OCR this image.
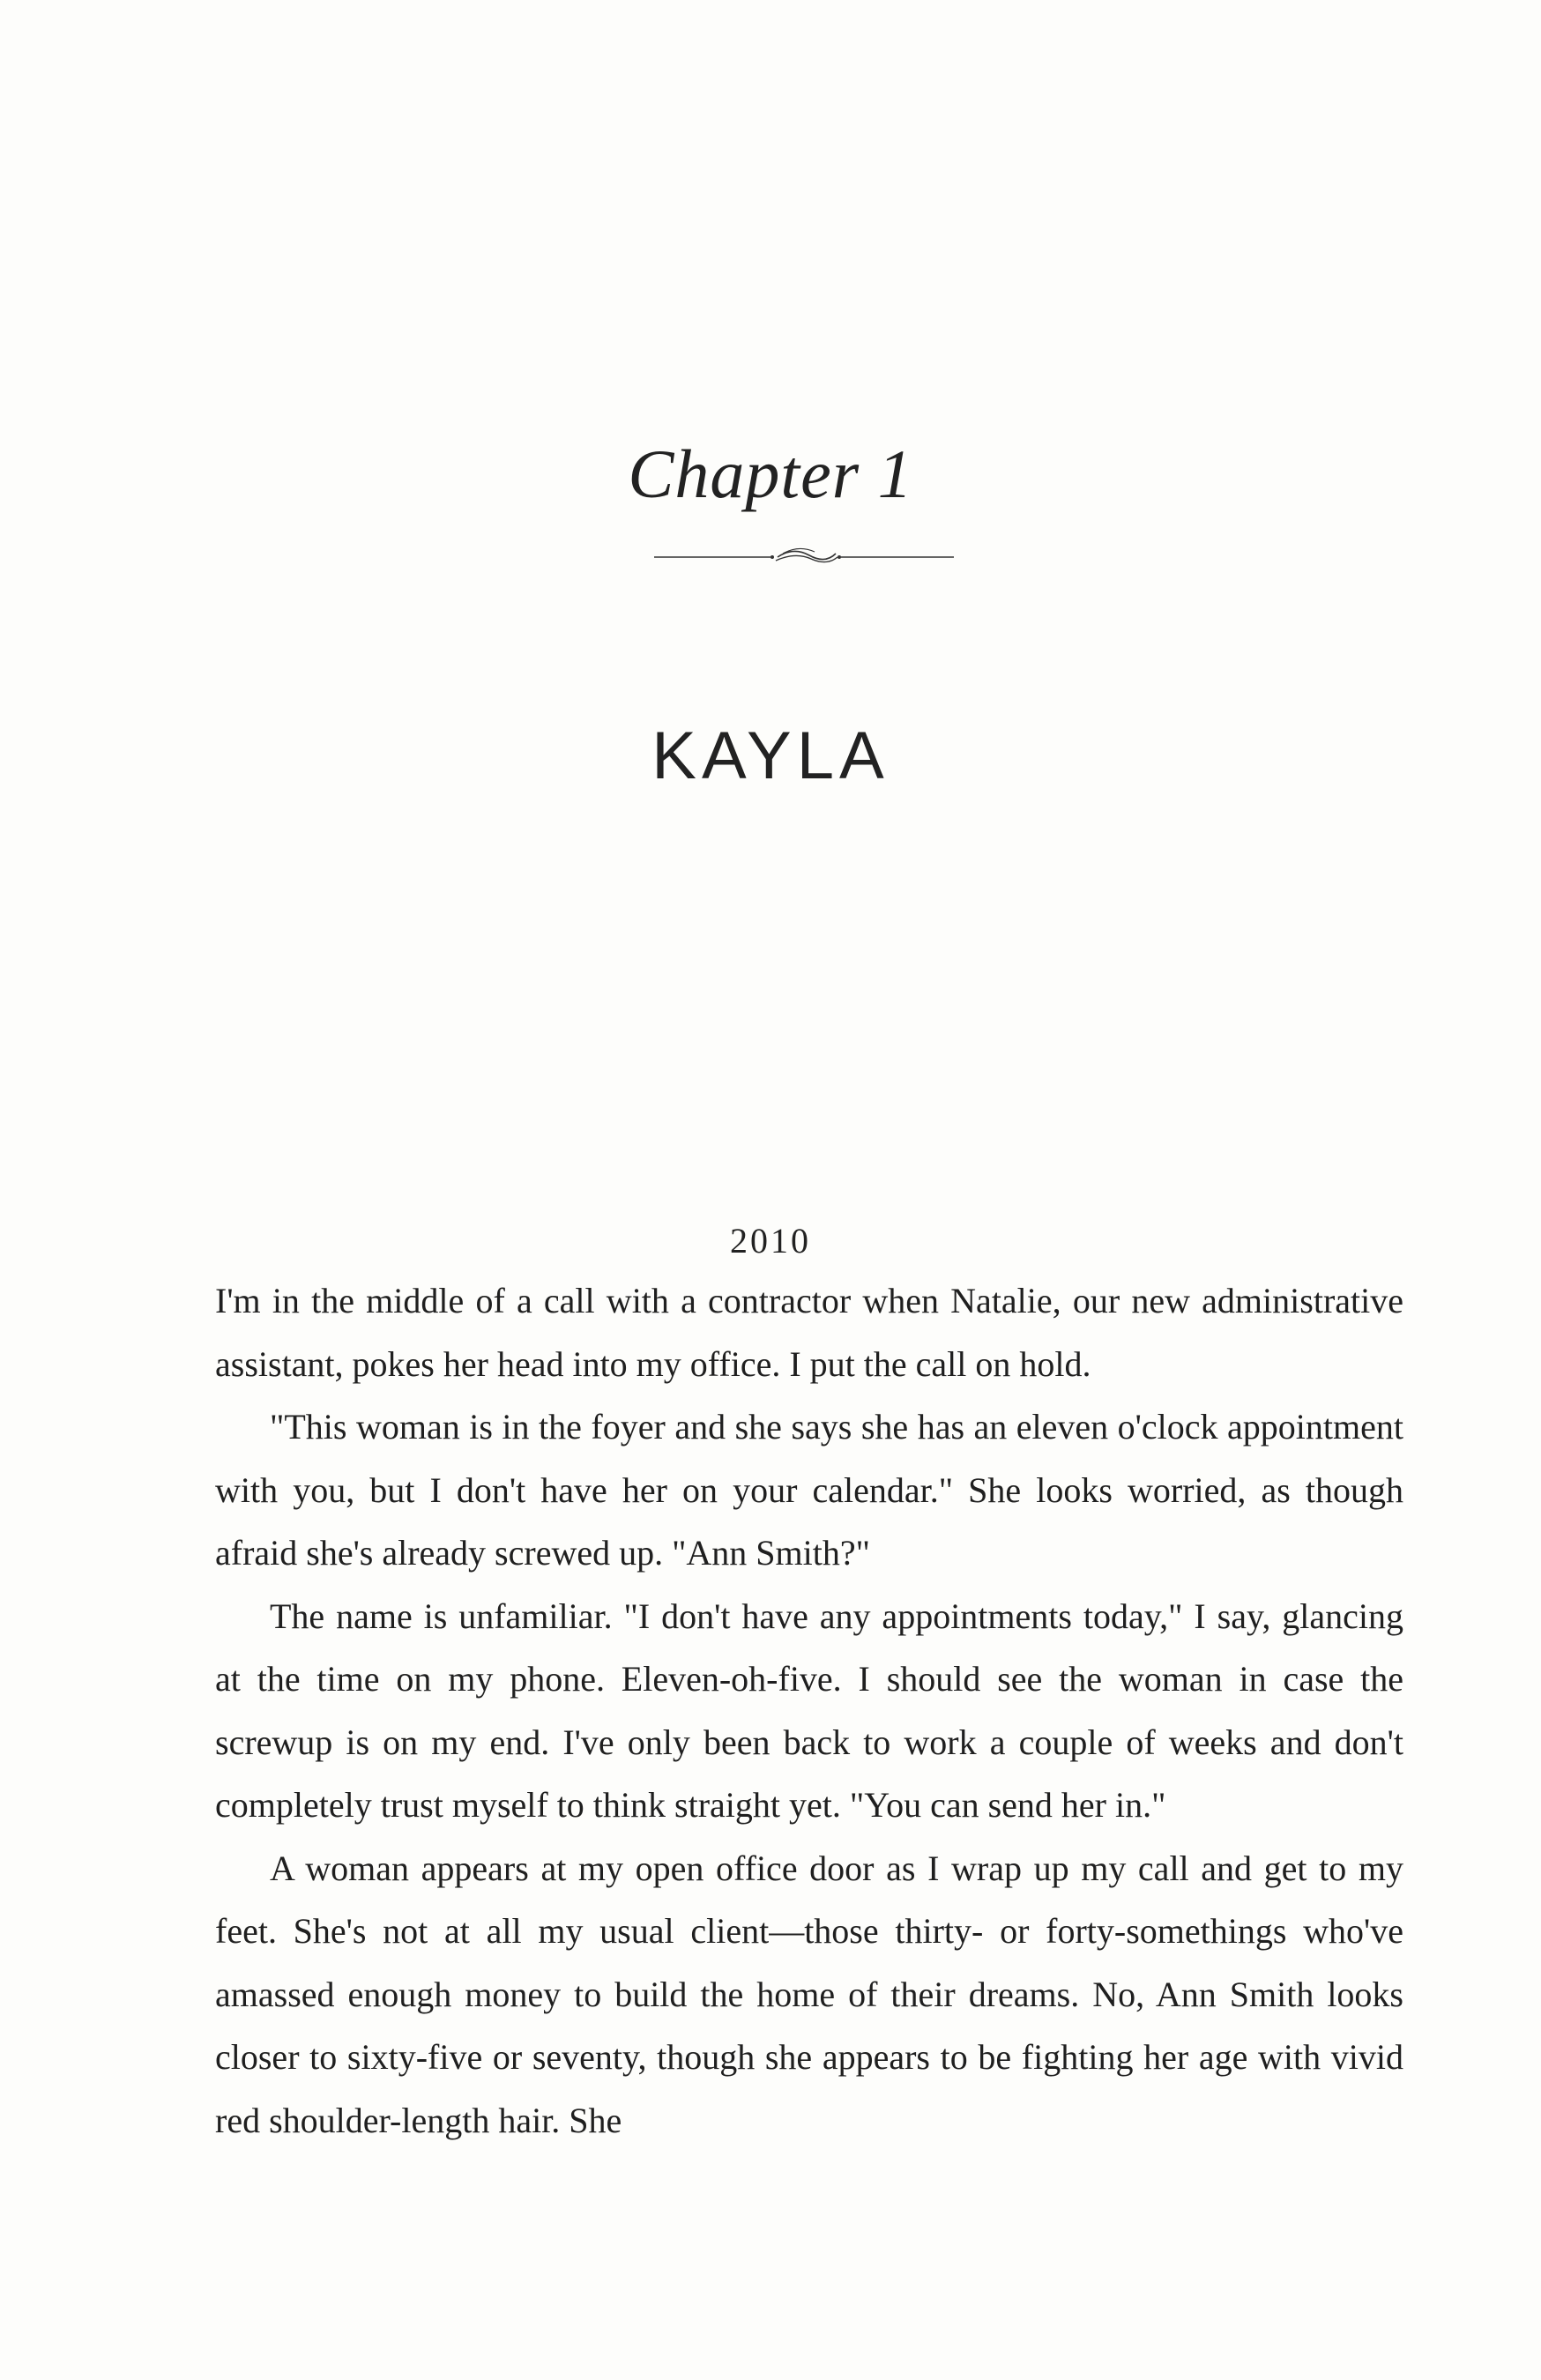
Chapter 1
KAYLA
2010

I'm in the middle of a call with a contractor when Natalie, our new administrative assistant, pokes her head into my office. I put the call on hold.

"This woman is in the foyer and she says she has an eleven o'clock appointment with you, but I don't have her on your calendar." She looks worried, as though afraid she's already screwed up. "Ann Smith?"

The name is unfamiliar. "I don't have any appointments today," I say, glancing at the time on my phone. Eleven-oh-five. I should see the woman in case the screwup is on my end. I've only been back to work a couple of weeks and don't completely trust myself to think straight yet. "You can send her in."

A woman appears at my open office door as I wrap up my call and get to my feet. She's not at all my usual client—those thirty- or forty-somethings who've amassed enough money to build the home of their dreams. No, Ann Smith looks closer to sixty-five or seventy, though she appears to be fighting her age with vivid red shoulder-length hair. She
